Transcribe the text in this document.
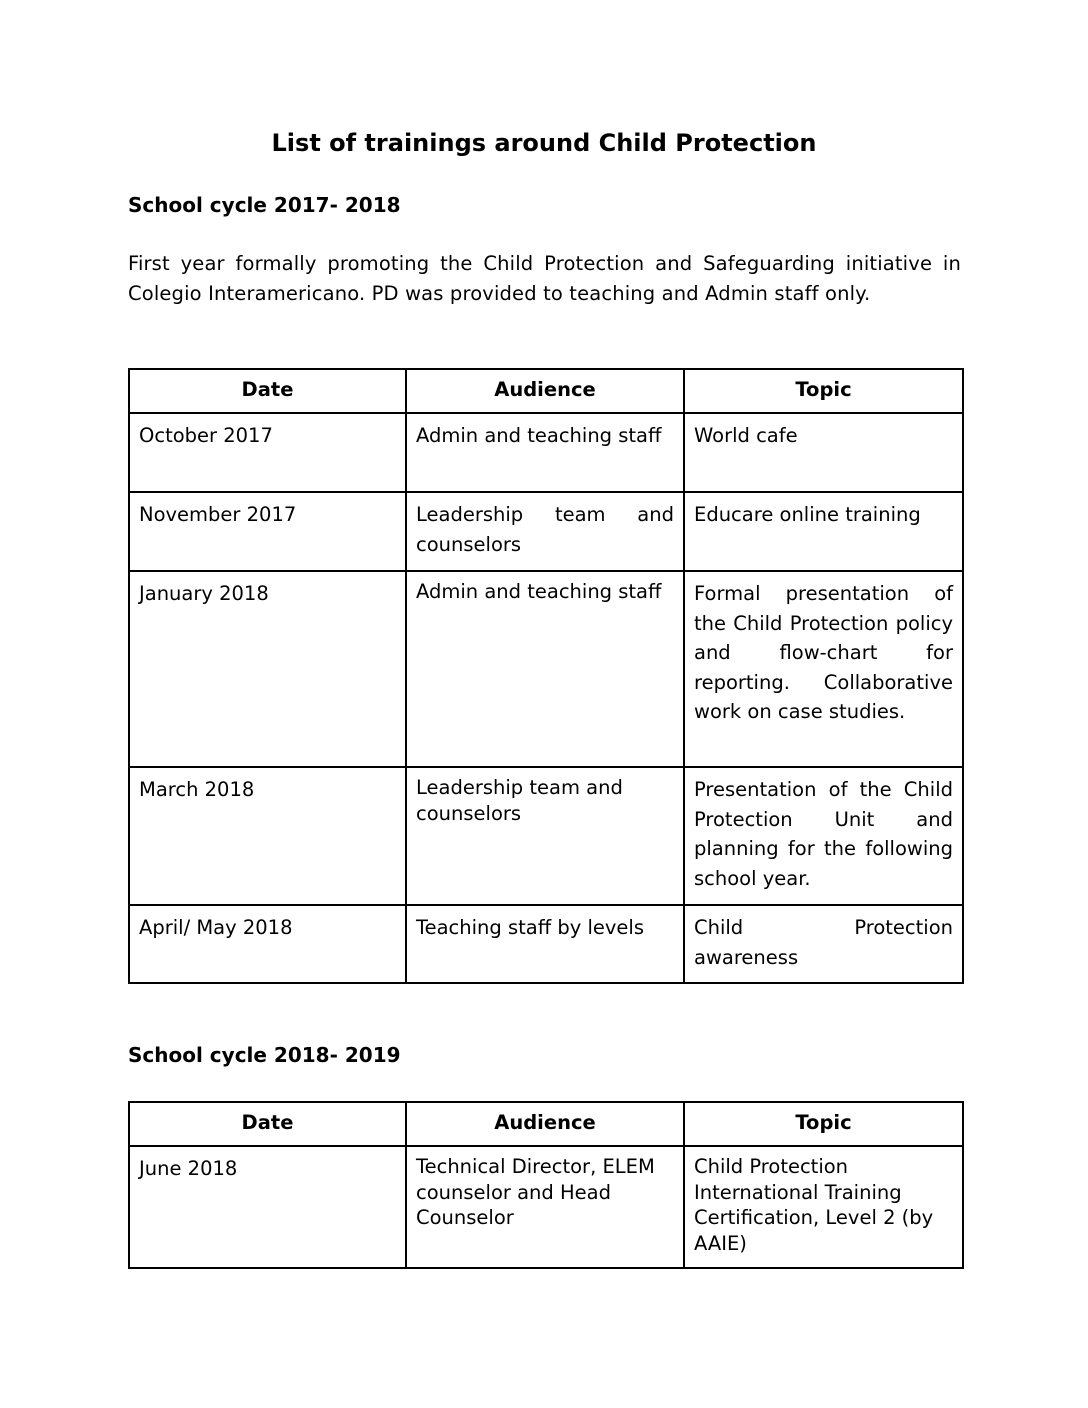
List of trainings around Child Protection
School cycle 2017- 2018
First year formally promoting the Child Protection and Safeguarding initiative in Colegio Interamericano. PD was provided to teaching and Admin staff only.
Date	Audience	Topic
October 2017	Admin and teaching staff	World cafe
November 2017	Leadership team and counselors	Educare online training
January 2018	Admin and teaching staff	Formal presentation of the Child Protection policy and flow-chart for reporting. Collaborative work on case studies.
March 2018	Leadership team and counselors	Presentation of the Child Protection Unit and planning for the following school year.
April/ May 2018	Teaching staff by levels	Child Protection awareness
School cycle 2018- 2019
Date	Audience	Topic
June 2018	Technical Director, ELEM counselor and Head Counselor	Child Protection International Training Certification, Level 2 (by AAIE)
